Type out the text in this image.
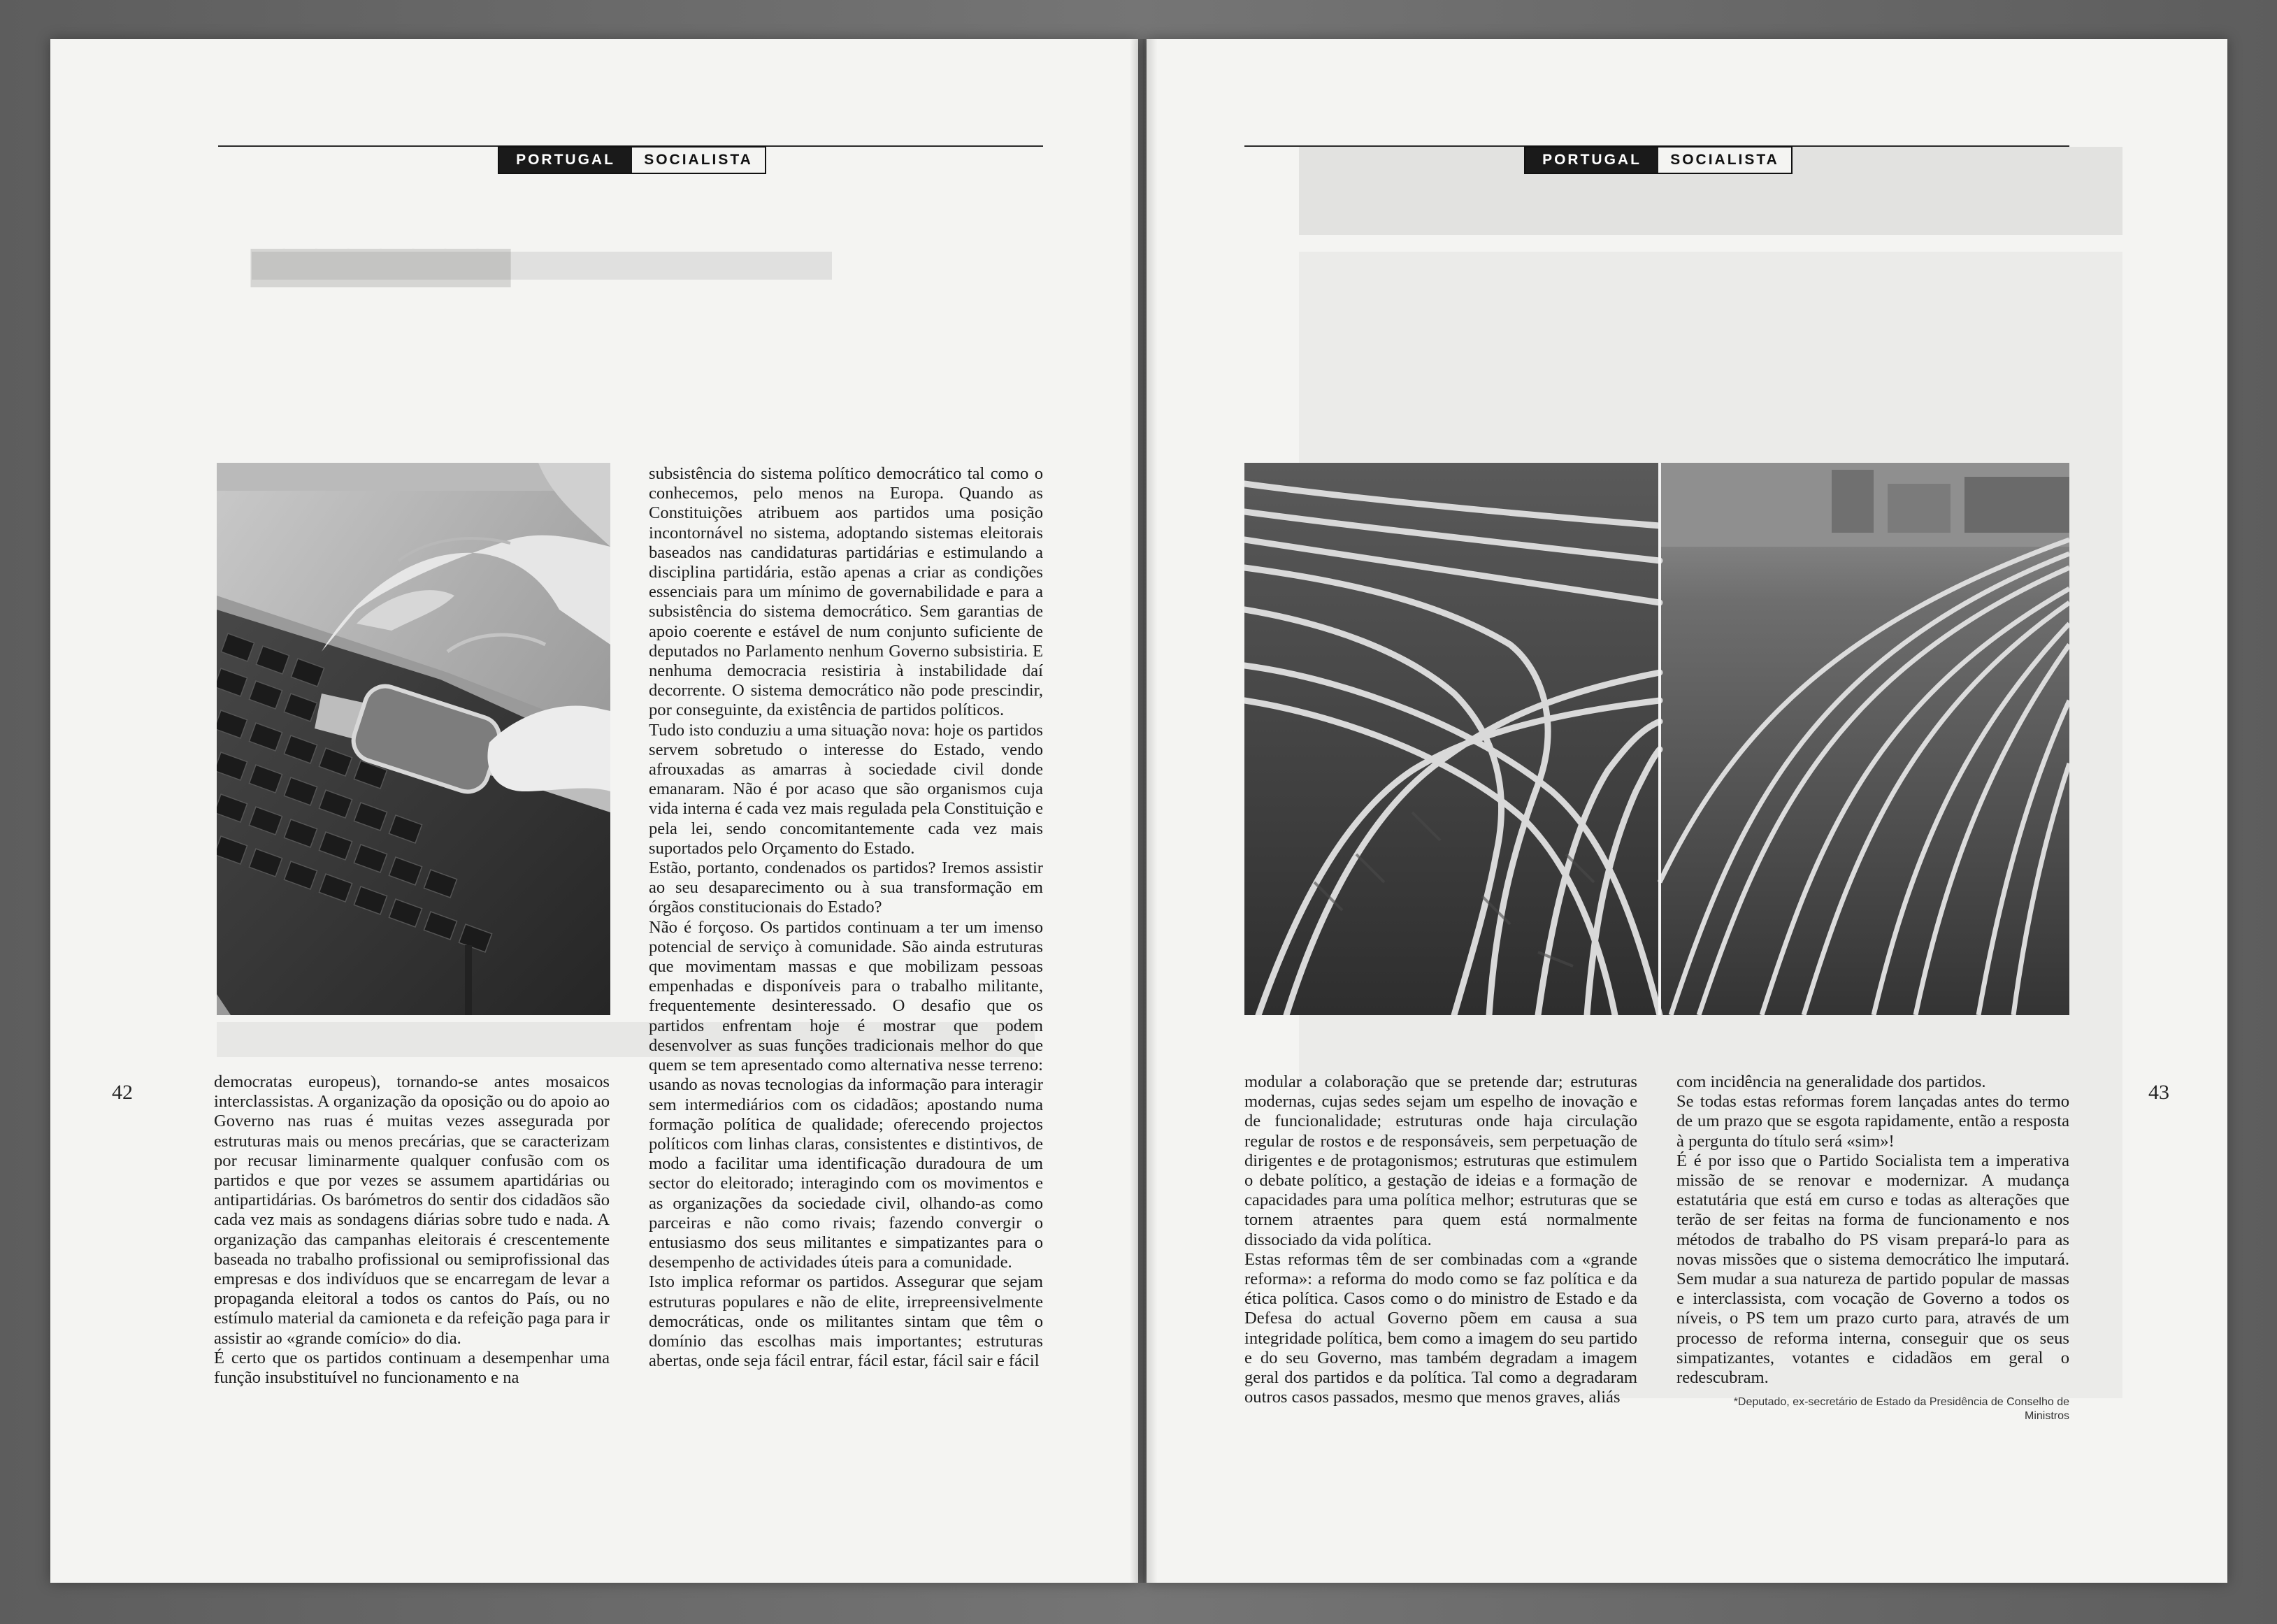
▆▆▆▆▆▆▆▆
PORTUGAL	SOCIALISTA
42	democratas europeus), tornando-se antes mosaicos interclassistas. A organização da oposição ou do apoio ao Governo nas ruas é muitas vezes assegurada por estruturas mais ou menos precárias, que se caracterizam por recusar liminarmente qualquer confusão com os partidos e que por vezes se assumem apartidárias ou antipartidárias. Os barómetros do sentir dos cidadãos são cada vez mais as sondagens diárias sobre tudo e nada. A organização das campanhas eleitorais é crescentemente baseada no trabalho profissional ou semiprofissional das empresas e dos indivíduos que se encarregam de levar a propaganda eleitoral a todos os cantos do País, ou no estímulo material da camioneta e da refeição paga para ir assistir ao «grande comício» do dia.

É certo que os partidos continuam a desempenhar uma função insubstituível no funcionamento e na

subsistência do sistema político democrático tal como o conhecemos, pelo menos na Europa. Quando as Constituições atribuem aos partidos uma posição incontornável no sistema, adoptando sistemas eleitorais baseados nas candidaturas partidárias e estimulando a disciplina partidária, estão apenas a criar as condições essenciais para um mínimo de governabilidade e para a subsistência do sistema democrático. Sem garantias de apoio coerente e estável de num conjunto suficiente de deputados no Parlamento nenhum Governo subsistiria. E nenhuma democracia resistiria à instabilidade daí decorrente. O sistema democrático não pode prescindir, por conseguinte, da existência de partidos políticos.

Tudo isto conduziu a uma situação nova: hoje os partidos servem sobretudo o interesse do Estado, vendo afrouxadas as amarras à sociedade civil donde emanaram. Não é por acaso que são organismos cuja vida interna é cada vez mais regulada pela Constituição e pela lei, sendo concomitantemente cada vez mais suportados pelo Orçamento do Estado.

Estão, portanto, condenados os partidos? Iremos assistir ao seu desaparecimento ou à sua transformação em órgãos constitucionais do Estado?

Não é forçoso. Os partidos continuam a ter um imenso potencial de serviço à comunidade. São ainda estruturas que movimentam massas e que mobilizam pessoas empenhadas e disponíveis para o trabalho militante, frequentemente desinteressado. O desafio que os partidos enfrentam hoje é mostrar que podem desenvolver as suas funções tradicionais melhor do que quem se tem apresentado como alternativa nesse terreno: usando as novas tecnologias da informação para interagir sem intermediários com os cidadãos; apostando numa formação política de qualidade; oferecendo projectos políticos com linhas claras, consistentes e distintivos, de modo a facilitar uma identificação duradoura de um sector do eleitorado; interagindo com os movimentos e as organizações da sociedade civil, olhando-as como parceiras e não como rivais; fazendo convergir o entusiasmo dos seus militantes e simpatizantes para o desempenho de actividades úteis para a comunidade.

Isto implica reformar os partidos. Assegurar que sejam estruturas populares e não de elite, irrepreensivelmente democráticas, onde os militantes sintam que têm o domínio das escolhas mais importantes; estruturas abertas, onde seja fácil entrar, fácil estar, fácil sair e fácil

PORTUGAL	SOCIALISTA
43

modular a colaboração que se pretende dar; estruturas modernas, cujas sedes sejam um espelho de inovação e de funcionalidade; estruturas onde haja circulação regular de rostos e de responsáveis, sem perpetuação de dirigentes e de protagonismos; estruturas que estimulem o debate político, a gestação de ideias e a formação de capacidades para uma política melhor; estruturas que se tornem atraentes para quem está normalmente dissociado da vida política.

Estas reformas têm de ser combinadas com a «grande reforma»: a reforma do modo como se faz política e da ética política. Casos como o do ministro de Estado e da Defesa do actual Governo põem em causa a sua integridade política, bem como a imagem do seu partido e do seu Governo, mas também degradam a imagem geral dos partidos e da política. Tal como a degradaram outros casos passados, mesmo que menos graves, aliás

com incidência na generalidade dos partidos.

Se todas estas reformas forem lançadas antes do termo de um prazo que se esgota rapidamente, então a resposta à pergunta do título será «sim»!

É é por isso que o Partido Socialista tem a imperativa missão de se renovar e modernizar. A mudança estatutária que está em curso e todas as alterações que terão de ser feitas na forma de funcionamento e nos métodos de trabalho do PS visam prepará-lo para as novas missões que o sistema democrático lhe imputará. Sem mudar a sua natureza de partido popular de massas e interclassista, com vocação de Governo a todos os níveis, o PS tem um prazo curto para, através de um processo de reforma interna, conseguir que os seus simpatizantes, votantes e cidadãos em geral o redescubram.

*Deputado, ex-secretário de Estado da Presidência de Conselho de Ministros
